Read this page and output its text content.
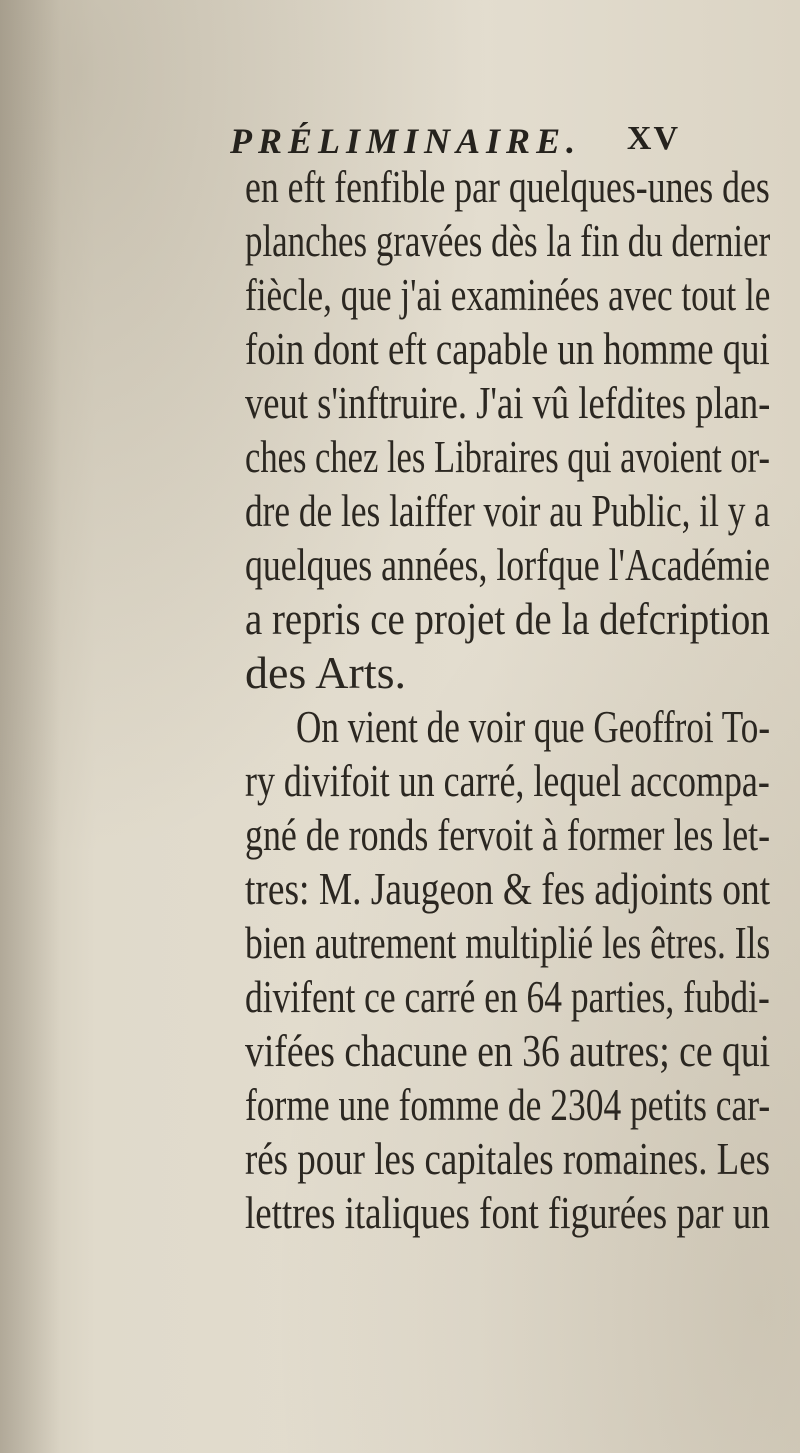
PRÉLIMINAIRE. XV
en eft fenfible par quelques-unes des
planches gravées dès la fin du dernier
fiècle, que j'ai examinées avec tout le
foin dont eft capable un homme qui
veut s'inftruire. J'ai vû lefdites plan-
ches chez les Libraires qui avoient or-
dre de les laiffer voir au Public, il y a
quelques années, lorfque l'Académie
a repris ce projet de la defcription
des Arts.
On vient de voir que Geoffroi To-
ry divifoit un carré, lequel accompa-
gné de ronds fervoit à former les let-
tres: M. Jaugeon & fes adjoints ont
bien autrement multiplié les êtres. Ils
divifent ce carré en 64 parties, fubdi-
vifées chacune en 36 autres; ce qui
forme une fomme de 2304 petits car-
rés pour les capitales romaines. Les
lettres italiques font figurées par un
